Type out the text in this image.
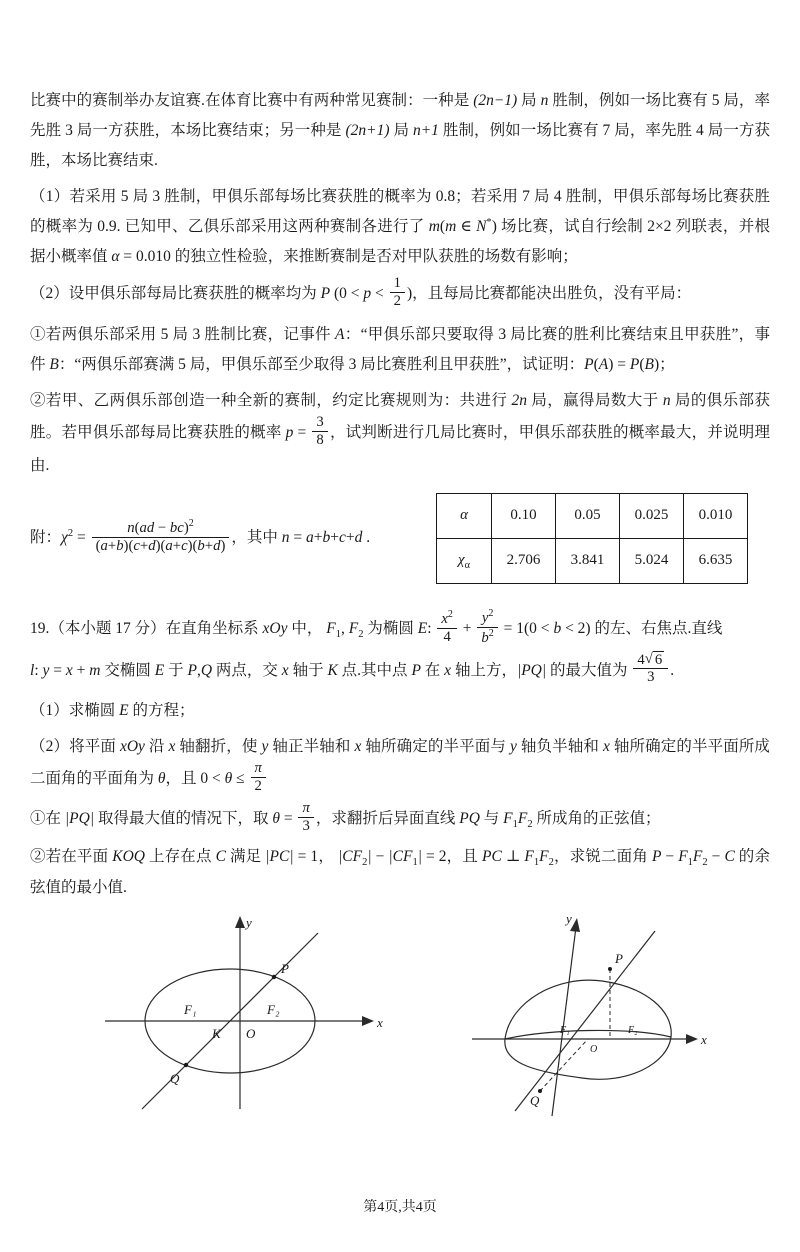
比赛中的赛制举办友谊赛.在体育比赛中有两种常见赛制：一种是 (2n−1) 局 n 胜制，例如一场比赛有 5 局，率先胜 3 局一方获胜，本场比赛结束；另一种是 (2n+1) 局 n+1 胜制，例如一场比赛有 7 局，率先胜 4 局一方获胜，本场比赛结束.

（1）若采用 5 局 3 胜制，甲俱乐部每场比赛获胜的概率为 0.8；若采用 7 局 4 胜制，甲俱乐部每场比赛获胜的概率为 0.9. 已知甲、乙俱乐部采用这两种赛制各进行了 m(m ∈ N*) 场比赛，试自行绘制 2×2 列联表，并根据小概率值 α = 0.010 的独立性检验，来推断赛制是否对甲队获胜的场数有影响；

（2）设甲俱乐部每局比赛获胜的概率均为 P ($0 < p < \frac{1}{2}$ )，且每局比赛都能决出胜负，没有平局：

①若两俱乐部采用 5 局 3 胜制比赛，记事件 A：“甲俱乐部只要取得 3 局比赛的胜利比赛结束且甲获胜”，事件 B：“两俱乐部赛满 5 局，甲俱乐部至少取得 3 局比赛胜利且甲获胜”，试证明：P(A) = P(B)；

②若甲、乙两俱乐部创造一种全新的赛制，约定比赛规则为：共进行 2n 局，赢得局数大于 n 局的俱乐部获胜。若甲俱乐部每局比赛获胜的概率 $p = \frac{3}{8}$ ，试判断进行几局比赛时，甲俱乐部获胜的概率最大，并说明理由.

附：$\chi^2 = \frac{n(ad - bc)^2}{(a+b)(c+d)(a+c)(b+d)}$ ，其中 n = a+b+c+d .

α	0.10	0.05	0.025	0.010
$\chi_\alpha$	2.706	3.841	5.024	6.635

19.（本小题 17 分）在直角坐标系 xOy 中， $F_1$, $F_2$ 为椭圆 E: $\frac{x^2}{4} + \frac{y^2}{b^2} = 1(0 < b < 2)$ 的左、右焦点.直线

l: y = x + m 交椭圆 E 于 P,Q 两点，交 x 轴于 K 点.其中点 P 在 x 轴上方，|PQ| 的最大值为 $\frac{4√ 6}{3}$ .

（1）求椭圆 E 的方程；

（2）将平面 xOy 沿 x 轴翻折，使 y 轴正半轴和 x 轴所确定的半平面与 y 轴负半轴和 x 轴所确定的半平面所成二面角的平面角为 θ，且 $0 < \theta \le \frac{\pi}{2}$

①在 |PQ| 取得最大值的情况下，取 $\theta = \frac{\pi}{3}$ ，求翻折后异面直线 PQ 与 $F_1F_2$ 所成角的正弦值；

②若在平面 KOQ 上存在点 C 满足 |PC| = 1， $|CF_2| - |CF_1| = 2$，且 PC ⊥ $F_1F_2$，求锐二面角 $P - F_1F_2 - C$ 的余弦值的最小值.

y
x
P
Q
F₁	F₂
K O
y
x
P
Q
F₁	F₂
O
第4页,共4页
